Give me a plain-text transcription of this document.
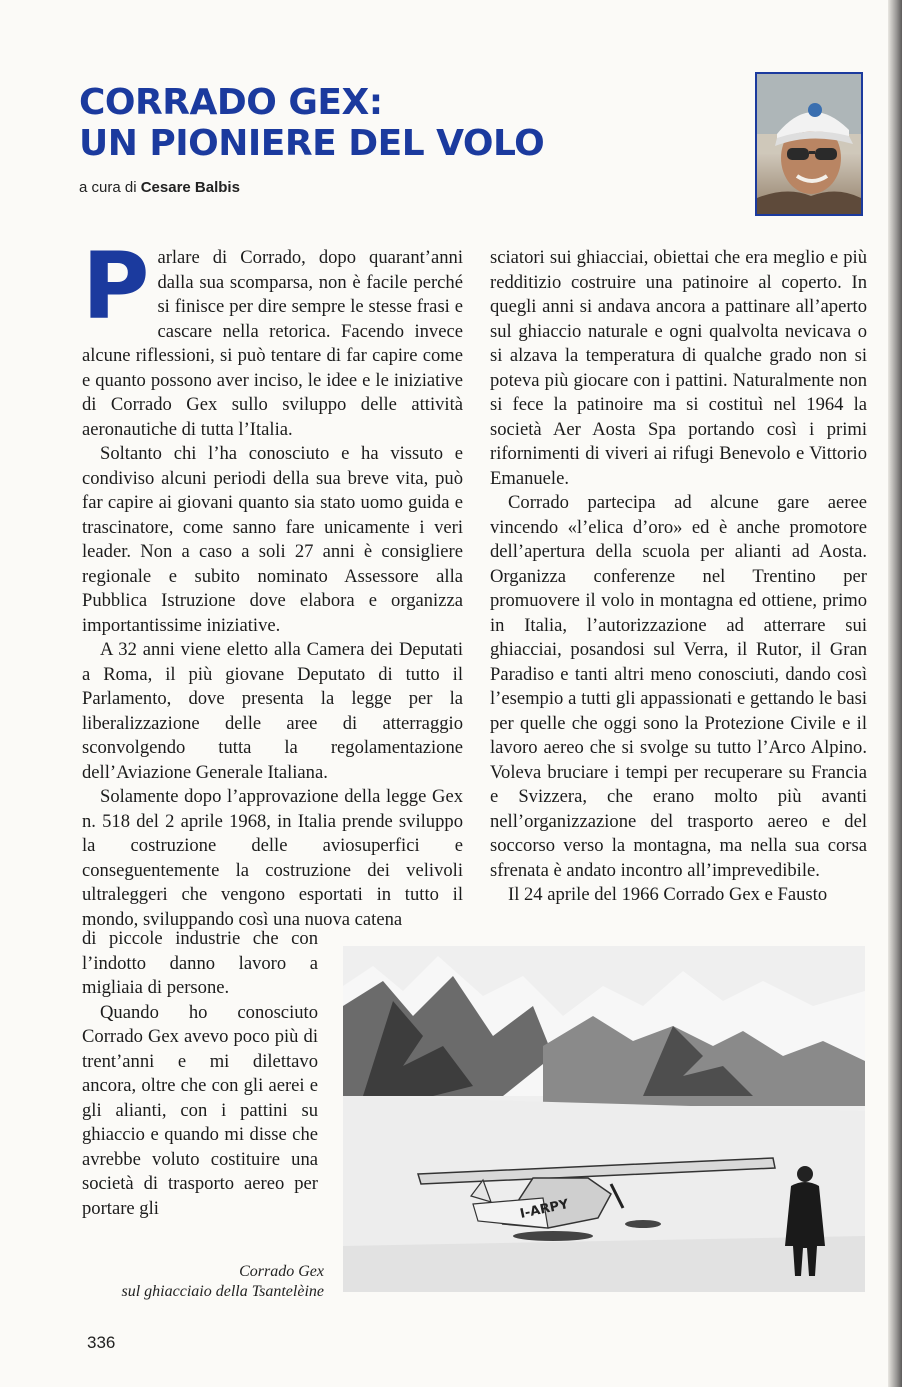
CORRADO GEX:
UN PIONIERE DEL VOLO
a cura di Cesare Balbis

Parlare di Corrado, dopo quarant’anni dalla sua scomparsa, non è facile perché si finisce per dire sempre le stesse frasi e cascare nella retorica. Facendo invece alcune riflessioni, si può tentare di far capire come e quanto possono aver inciso, le idee e le iniziative di Corrado Gex sullo sviluppo delle attività aeronautiche di tutta l’Italia.

Soltanto chi l’ha conosciuto e ha vissuto e condiviso alcuni periodi della sua breve vita, può far capire ai giovani quanto sia stato uomo guida e trascinatore, come sanno fare unicamente i veri leader. Non a caso a soli 27 anni è consigliere regionale e subito nominato Assessore alla Pubblica Istruzione dove elabora e organizza importantissime iniziative.

A 32 anni viene eletto alla Camera dei Deputati a Roma, il più giovane Deputato di tutto il Parlamento, dove presenta la legge per la liberalizzazione delle aree di atterraggio sconvolgendo tutta la regolamentazione dell’Aviazione Generale Italiana.

Solamente dopo l’approvazione della legge Gex n. 518 del 2 aprile 1968, in Italia prende sviluppo la costruzione delle aviosuperfici e conseguentemente la costruzione dei velivoli ultraleggeri che vengono esportati in tutto il mondo, sviluppando così una nuova catena

di piccole industrie che con l’indotto danno lavoro a migliaia di persone.

Quando ho conosciuto Corrado Gex avevo poco più di trent’anni e mi dilettavo ancora, oltre che con gli aerei e gli alianti, con i pattini su ghiaccio e quando mi disse che avrebbe voluto costituire una società di trasporto aereo per portare gli

sciatori sui ghiacciai, obiettai che era meglio e più redditizio costruire una patinoire al coperto. In quegli anni si andava ancora a pattinare all’aperto sul ghiaccio naturale e ogni qualvolta nevicava o si alzava la temperatura di qualche grado non si poteva più giocare con i pattini. Naturalmente non si fece la patinoire ma si costituì nel 1964 la società Aer Aosta Spa portando così i primi rifornimenti di viveri ai rifugi Benevolo e Vittorio Emanuele.

Corrado partecipa ad alcune gare aeree vincendo «l’elica d’oro» ed è anche promotore dell’apertura della scuola per alianti ad Aosta. Organizza conferenze nel Trentino per promuovere il volo in montagna ed ottiene, primo in Italia, l’autorizzazione ad atterrare sui ghiacciai, posandosi sul Verra, il Rutor, il Gran Paradiso e tanti altri meno conosciuti, dando così l’esempio a tutti gli appassionati e gettando le basi per quelle che oggi sono la Protezione Civile e il lavoro aereo che si svolge su tutto l’Arco Alpino. Voleva bruciare i tempi per recuperare su Francia e Svizzera, che erano molto più avanti nell’organizzazione del trasporto aereo e del soccorso verso la montagna, ma nella sua corsa sfrenata è andato incontro all’imprevedibile.

Il 24 aprile del 1966 Corrado Gex e Fausto

I-ARPY
Corrado Gex
sul ghiacciaio della Tsantelèine
336
